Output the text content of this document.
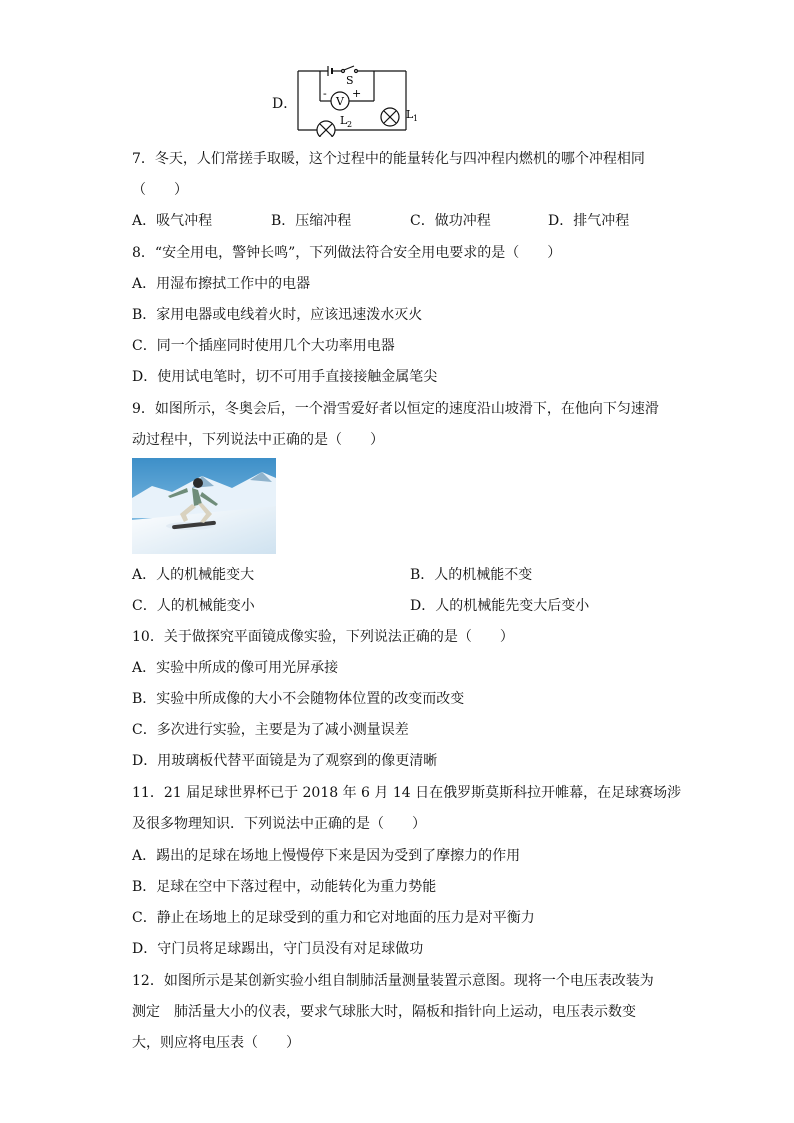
D．
S
V
- +
L 2
L 1
7．冬天，人们常搓手取暖，这个过程中的能量转化与四冲程内燃机的哪个冲程相同
（　　）
A．吸气冲程	B．压缩冲程	C．做功冲程	D．排气冲程
8．“安全用电，警钟长鸣”，下列做法符合安全用电要求的是（　　）
A．用湿布擦拭工作中的电器
B．家用电器或电线着火时，应该迅速泼水灭火
C．同一个插座同时使用几个大功率用电器
D．使用试电笔时，切不可用手直接接触金属笔尖
9．如图所示，冬奥会后，一个滑雪爱好者以恒定的速度沿山坡滑下，在他向下匀速滑
动过程中，下列说法中正确的是（　　）
A．人的机械能变大	B．人的机械能不变
C．人的机械能变小	D．人的机械能先变大后变小
10．关于做探究平面镜成像实验，下列说法正确的是（　　）
A．实验中所成的像可用光屏承接
B．实验中所成像的大小不会随物体位置的改变而改变
C．多次进行实验，主要是为了减小测量误差
D．用玻璃板代替平面镜是为了观察到的像更清晰
11．21 届足球世界杯已于 2018 年 6 月 14 日在俄罗斯莫斯科拉开帷幕，在足球赛场涉
及很多物理知识．下列说法中正确的是（　　）
A．踢出的足球在场地上慢慢停下来是因为受到了摩擦力的作用
B．足球在空中下落过程中，动能转化为重力势能
C．静止在场地上的足球受到的重力和它对地面的压力是对平衡力
D．守门员将足球踢出，守门员没有对足球做功
12．如图所示是某创新实验小组自制肺活量测量装置示意图。现将一个电压表改装为
测定　肺活量大小的仪表，要求气球胀大时，隔板和指针向上运动，电压表示数变
大，则应将电压表（　　）
